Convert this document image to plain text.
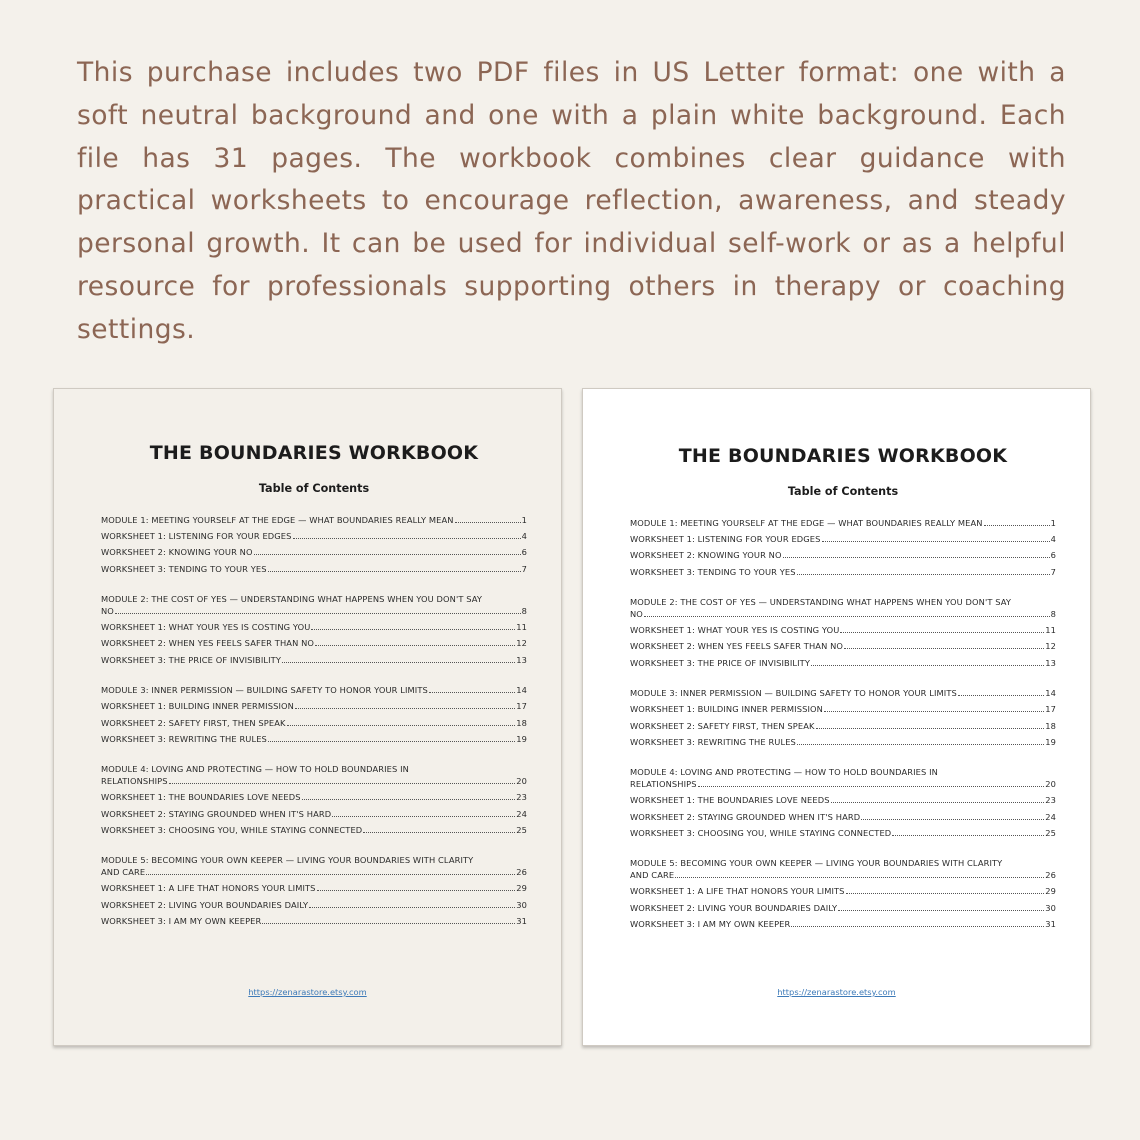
This purchase includes two PDF files in US Letter format: one with a soft neutral background and one with a plain white background. Each file has 31 pages. The workbook combines clear guidance with practical worksheets to encourage reflection, awareness, and steady personal growth. It can be used for individual self-work or as a helpful resource for professionals supporting others in therapy or coaching settings.

THE BOUNDARIES WORKBOOK
Table of Contents
MODULE 1: MEETING YOURSELF AT THE EDGE — WHAT BOUNDARIES REALLY MEAN	1
WORKSHEET 1: LISTENING FOR YOUR EDGES	4
WORKSHEET 2: KNOWING YOUR NO	6
WORKSHEET 3: TENDING TO YOUR YES	7
MODULE 2: THE COST OF YES — UNDERSTANDING WHAT HAPPENS WHEN YOU DON'T SAY
NO	8
WORKSHEET 1: WHAT YOUR YES IS COSTING YOU	11
WORKSHEET 2: WHEN YES FEELS SAFER THAN NO	12
WORKSHEET 3: THE PRICE OF INVISIBILITY	13
MODULE 3: INNER PERMISSION — BUILDING SAFETY TO HONOR YOUR LIMITS	14
WORKSHEET 1: BUILDING INNER PERMISSION	17
WORKSHEET 2: SAFETY FIRST, THEN SPEAK	18
WORKSHEET 3: REWRITING THE RULES	19
MODULE 4: LOVING AND PROTECTING — HOW TO HOLD BOUNDARIES IN
RELATIONSHIPS	20
WORKSHEET 1: THE BOUNDARIES LOVE NEEDS	23
WORKSHEET 2: STAYING GROUNDED WHEN IT'S HARD	24
WORKSHEET 3: CHOOSING YOU, WHILE STAYING CONNECTED	25
MODULE 5: BECOMING YOUR OWN KEEPER — LIVING YOUR BOUNDARIES WITH CLARITY
AND CARE	26
WORKSHEET 1: A LIFE THAT HONORS YOUR LIMITS	29
WORKSHEET 2: LIVING YOUR BOUNDARIES DAILY	30
WORKSHEET 3: I AM MY OWN KEEPER	31
https://zenarastore.etsy.com
THE BOUNDARIES WORKBOOK
Table of Contents
MODULE 1: MEETING YOURSELF AT THE EDGE — WHAT BOUNDARIES REALLY MEAN	1
WORKSHEET 1: LISTENING FOR YOUR EDGES	4
WORKSHEET 2: KNOWING YOUR NO	6
WORKSHEET 3: TENDING TO YOUR YES	7
MODULE 2: THE COST OF YES — UNDERSTANDING WHAT HAPPENS WHEN YOU DON'T SAY
NO	8
WORKSHEET 1: WHAT YOUR YES IS COSTING YOU	11
WORKSHEET 2: WHEN YES FEELS SAFER THAN NO	12
WORKSHEET 3: THE PRICE OF INVISIBILITY	13
MODULE 3: INNER PERMISSION — BUILDING SAFETY TO HONOR YOUR LIMITS	14
WORKSHEET 1: BUILDING INNER PERMISSION	17
WORKSHEET 2: SAFETY FIRST, THEN SPEAK	18
WORKSHEET 3: REWRITING THE RULES	19
MODULE 4: LOVING AND PROTECTING — HOW TO HOLD BOUNDARIES IN
RELATIONSHIPS	20
WORKSHEET 1: THE BOUNDARIES LOVE NEEDS	23
WORKSHEET 2: STAYING GROUNDED WHEN IT'S HARD	24
WORKSHEET 3: CHOOSING YOU, WHILE STAYING CONNECTED	25
MODULE 5: BECOMING YOUR OWN KEEPER — LIVING YOUR BOUNDARIES WITH CLARITY
AND CARE	26
WORKSHEET 1: A LIFE THAT HONORS YOUR LIMITS	29
WORKSHEET 2: LIVING YOUR BOUNDARIES DAILY	30
WORKSHEET 3: I AM MY OWN KEEPER	31
https://zenarastore.etsy.com
